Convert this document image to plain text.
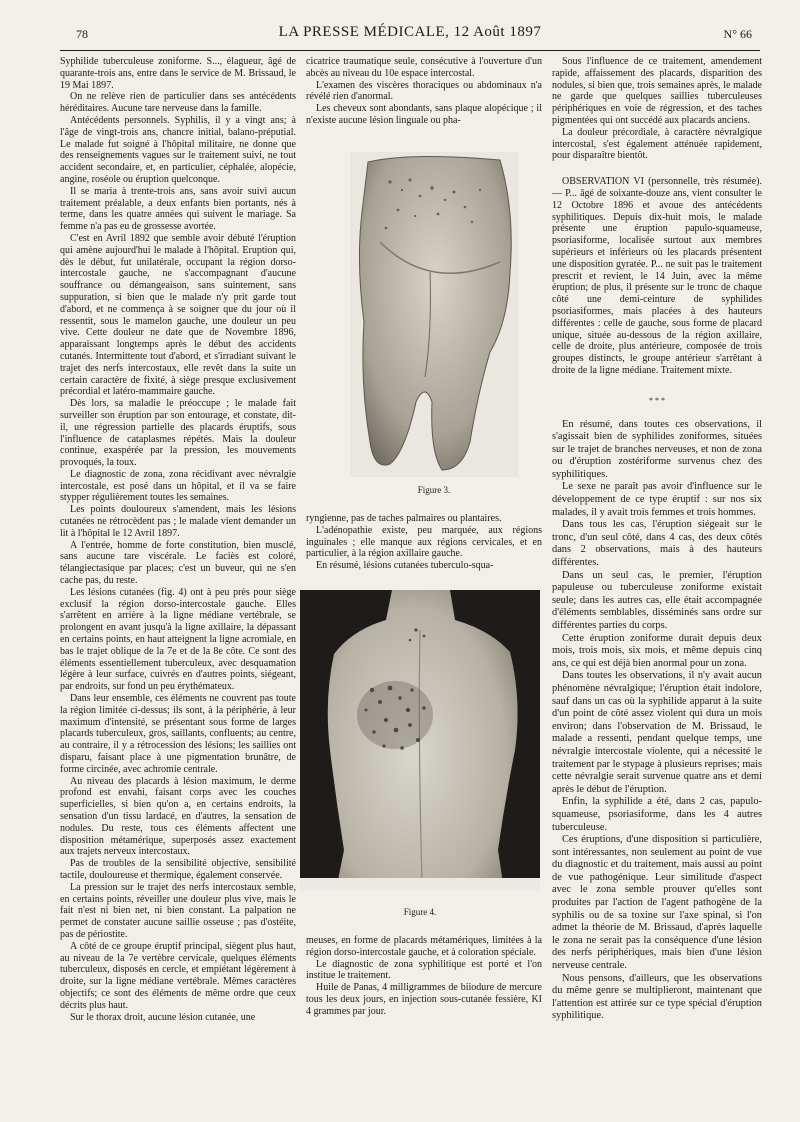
78	LA PRESSE MÉDICALE, 12 Août 1897	N° 66

Syphilide tuberculeuse zoniforme. S..., élagueur, âgé de quarante-trois ans, entre dans le service de M. Brissaud, le 19 Mai 1897.

On ne relève rien de particulier dans ses antécédents héréditaires. Aucune tare nerveuse dans la famille.

Antécédents personnels. Syphilis, il y a vingt ans; à l'âge de vingt-trois ans, chancre initial, balano-préputial. Le malade fut soigné à l'hôpital militaire, ne donne que des renseignements vagues sur le traitement suivi, ne tout accident secondaire, et, en particulier, céphalée, alopécie, angine, roséole ou éruption quelconque.

Il se maria à trente-trois ans, sans avoir suivi aucun traitement préalable, a deux enfants bien portants, nés à terme, dans les quatre années qui suivent le mariage. Sa femme n'a pas eu de grossesse avortée.

C'est en Avril 1892 que semble avoir débuté l'éruption qui amène aujourd'hui le malade à l'hôpital. Eruption qui, dès le début, fut unilatérale, occupant la région dorso-intercostale gauche, ne s'accompagnant d'aucune souffrance ou démangeaison, sans suintement, sans suppuration, si bien que le malade n'y prit garde tout d'abord, et ne commença à se soigner que du jour où il ressentit, sous le mamelon gauche, une douleur un peu vive. Cette douleur ne date que de Novembre 1896, apparaissant longtemps après le début des accidents cutanés. Intermittente tout d'abord, et s'irradiant suivant le trajet des nerfs intercostaux, elle revêt dans la suite un certain caractère de fixité, à siège presque exclusivement précordial et latéro-mammaire gauche.

Dès lors, sa maladie le préoccupe ; le malade fait surveiller son éruption par son entourage, et constate, dit-il, une régression partielle des placards éruptifs, sous l'influence de cataplasmes répétés. Mais la douleur continue, exaspérée par la pression, les mouvements provoqués, la toux.

Le diagnostic de zona, zona récidivant avec névralgie intercostale, est posé dans un hôpital, et il va se faire stypper régulièrement toutes les semaines.

Les points douloureux s'amendent, mais les lésions cutanées ne rétrocèdent pas ; le malade vient demander un lit à l'hôpital le 12 Avril 1897.

A l'entrée, homme de forte constitution, bien musclé, sans aucune tare viscérale. Le faciès est coloré, télangiectasique par places; c'est un buveur, qui ne s'en cache pas, du reste.

Les lésions cutanées (fig. 4) ont à peu près pour siège exclusif la région dorso-intercostale gauche. Elles s'arrêtent en arrière à la ligne médiane vertébrale, se prolongent en avant jusqu'à la ligne axillaire, la dépassant en certains points, en haut atteignent la ligne acromiale, en bas le trajet oblique de la 7e et de la 8e côte. Ce sont des éléments essentiellement tuberculeux, avec desquamation légère à leur surface, cuivrés en d'autres points, siégeant, par endroits, sur fond un peu érythémateux.

Dans leur ensemble, ces éléments ne couvrent pas toute la région limitée ci-dessus; ils sont, à la périphérie, à leur maximum d'intensité, se présentant sous forme de larges placards tuberculeux, gros, saillants, confluents; au centre, au contraire, il y a rétrocession des lésions; les saillies ont disparu, faisant place à une pigmentation brunâtre, de forme circinée, avec achromie centrale.

Au niveau des placards à lésion maximum, le derme profond est envahi, faisant corps avec les couches superficielles, si bien qu'on a, en certains endroits, la sensation d'un tissu lardacé, en d'autres, la sensation de nodules. Du reste, tous ces éléments affectent une disposition métamérique, superposés assez exactement aux trajets nerveux intercostaux.

Pas de troubles de la sensibilité objective, sensibilité tactile, douloureuse et thermique, également conservée.

La pression sur le trajet des nerfs intercostaux semble, en certains points, réveiller une douleur plus vive, mais le fait n'est ni bien net, ni bien constant. La palpation ne permet de constater aucune saillie osseuse ; pas d'ostéite, pas de périostite.

A côté de ce groupe éruptif principal, siègent plus haut, au niveau de la 7e vertèbre cervicale, quelques éléments tuberculeux, disposés en cercle, et empiétant légèrement à droite, sur la ligne médiane vertébrale. Mêmes caractères objectifs; ce sont des éléments de même ordre que ceux décrits plus haut.

Sur le thorax droit, aucune lésion cutanée, une

cicatrice traumatique seule, consécutive à l'ouverture d'un abcès au niveau du 10e espace intercostal.

L'examen des viscères thoraciques ou abdominaux n'a révélé rien d'anormal.

Les cheveux sont abondants, sans plaque alopécique ; il n'existe aucune lésion linguale ou pha-

Figure 3.

ryngienne, pas de taches palmaires ou plantaires.

L'adénopathie existe, peu marquée, aux régions inguinales ; elle manque aux régions cervicales, et en particulier, à la région axillaire gauche.

En résumé, lésions cutanées tuberculo-squa-

Figure 4.

meuses, en forme de placards métamériques, limitées à la région dorso-intercostale gauche, et à coloration spéciale.

Le diagnostic de zona syphilitique est porté et l'on institue le traitement.

Huile de Panas, 4 milligrammes de biiodure de mercure tous les deux jours, en injection sous-cutanée fessière, KI 4 grammes par jour.

Sous l'influence de ce traitement, amendement rapide, affaissement des placards, disparition des nodules, si bien que, trois semaines après, le malade ne garde que quelques saillies tuberculeuses périphériques en voie de régression, et des taches pigmentées qui ont succédé aux placards anciens.

La douleur précordiale, à caractère névralgique intercostal, s'est également atténuée rapidement, pour disparaître bientôt.

OBSERVATION VI (personnelle, très résumée). — P... âgé de soixante-douze ans, vient consulter le 12 Octobre 1896 et avoue des antécédents syphilitiques. Depuis dix-huit mois, le malade présente une éruption papulo-squameuse, psoriasiforme, localisée surtout aux membres supérieurs et inférieurs où les placards présentent une disposition gyratée. P... ne suit pas le traitement prescrit et revient, le 14 Juin, avec la même éruption; de plus, il présente sur le tronc de chaque côté une demi-ceinture de syphilides psoriasiformes, mais placées à des hauteurs différentes : celle de gauche, sous forme de placard unique, située au-dessous de la région axillaire, celle de droite, plus antérieure, composée de trois groupes distincts, le groupe antérieur s'arrêtant à droite de la ligne médiane. Traitement mixte.

* * *

En résumé, dans toutes ces observations, il s'agissait bien de syphilides zoniformes, situées sur le trajet de branches nerveuses, et non de zona ou d'éruption zostériforme survenus chez des syphilitiques.

Le sexe ne paraît pas avoir d'influence sur le développement de ce type éruptif : sur nos six malades, il y avait trois femmes et trois hommes.

Dans tous les cas, l'éruption siégeait sur le tronc, d'un seul côté, dans 4 cas, des deux côtés dans 2 observations, mais à des hauteurs différentes.

Dans un seul cas, le premier, l'éruption papuleuse ou tuberculeuse zoniforme existait seule; dans les autres cas, elle était accompagnée d'éléments semblables, disséminés sans ordre sur différentes parties du corps.

Cette éruption zoniforme durait depuis deux mois, trois mois, six mois, et même depuis cinq ans, ce qui est déjà bien anormal pour un zona.

Dans toutes les observations, il n'y avait aucun phénomène névralgique; l'éruption était indolore, sauf dans un cas où la syphilide apparut à la suite d'un point de côté assez violent qui dura un mois environ; dans l'observation de M. Brissaud, le malade a ressenti, pendant quelque temps, une névralgie intercostale violente, qui a nécessité le traitement par le stypage à plusieurs reprises; mais cette névralgie serait survenue quatre ans et demi après le début de l'éruption.

Enfin, la syphilide a été, dans 2 cas, papulo-squameuse, psoriasiforme, dans les 4 autres tuberculeuse.

Ces éruptions, d'une disposition si particulière, sont intéressantes, non seulement au point de vue du diagnostic et du traitement, mais aussi au point de vue pathogénique. Leur similitude d'aspect avec le zona semble prouver qu'elles sont produites par l'action de l'agent pathogène de la syphilis ou de sa toxine sur l'axe spinal, si l'on admet la théorie de M. Brissaud, d'après laquelle le zona ne serait pas la conséquence d'une lésion des nerfs périphériques, mais bien d'une lésion nerveuse centrale.

Nous pensons, d'ailleurs, que les observations du même genre se multiplieront, maintenant que l'attention est attirée sur ce type spécial d'éruption syphilitique.
